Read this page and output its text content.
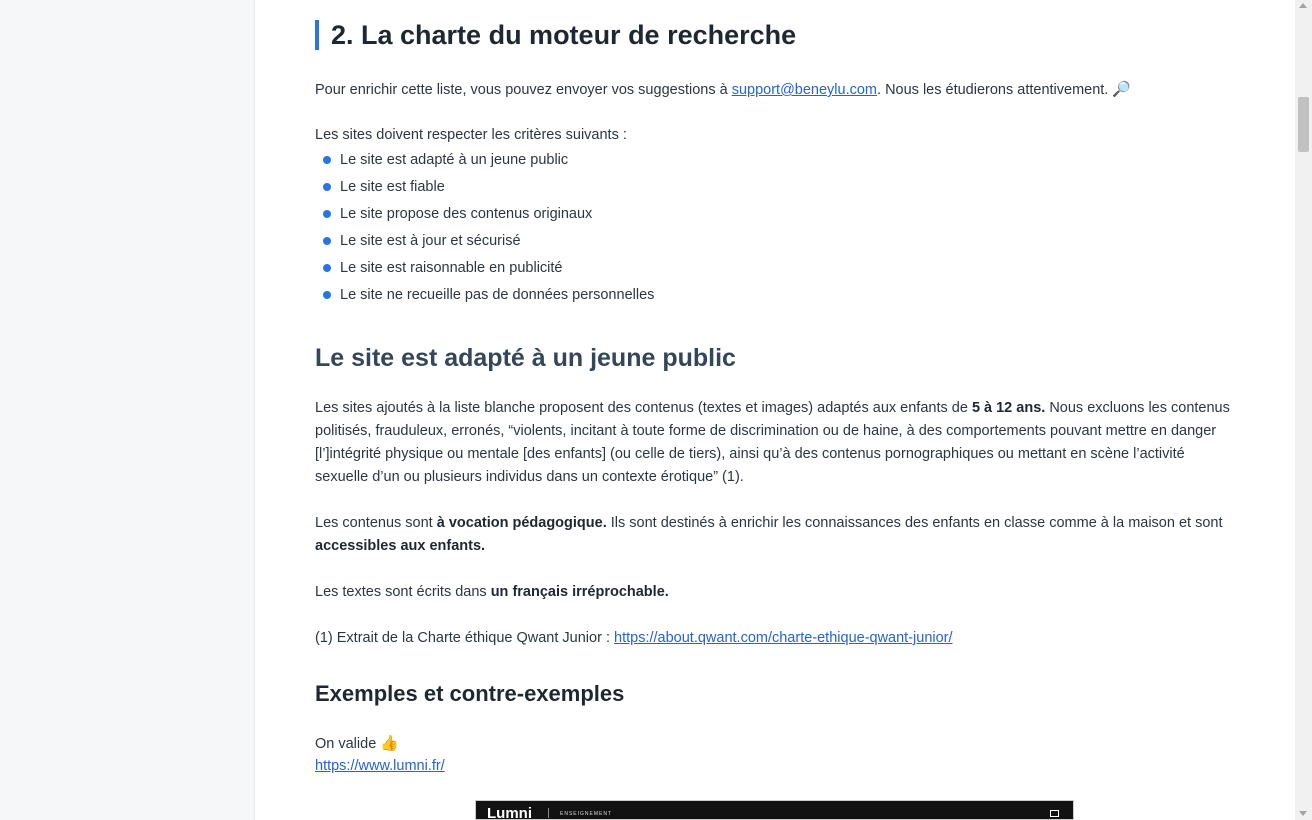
2. La charte du moteur de recherche

Pour enrichir cette liste, vous pouvez envoyer vos suggestions à support@beneylu.com. Nous les étudierons attentivement. 🔎

Les sites doivent respecter les critères suivants :

Le site est adapté à un jeune public
Le site est fiable
Le site propose des contenus originaux
Le site est à jour et sécurisé
Le site est raisonnable en publicité
Le site ne recueille pas de données personnelles
Le site est adapté à un jeune public

Les sites ajoutés à la liste blanche proposent des contenus (textes et images) adaptés aux enfants de 5 à 12 ans. Nous excluons les contenus politisés, frauduleux, erronés, “violents, incitant à toute forme de discrimination ou de haine, à des comportements pouvant mettre en danger [l’]intégrité physique ou mentale [des enfants] (ou celle de tiers), ainsi qu’à des contenus pornographiques ou mettant en scène l’activité sexuelle d’un ou plusieurs individus dans un contexte érotique” (1).

Les contenus sont à vocation pédagogique. Ils sont destinés à enrichir les connaissances des enfants en classe comme à la maison et sont accessibles aux enfants.

Les textes sont écrits dans un français irréprochable.

(1) Extrait de la Charte éthique Qwant Junior : https://about.qwant.com/charte-ethique-qwant-junior/

Exemples et contre-exemples

On valide 👍

https://www.lumni.fr/

Lumni	ENSEIGNEMENT
